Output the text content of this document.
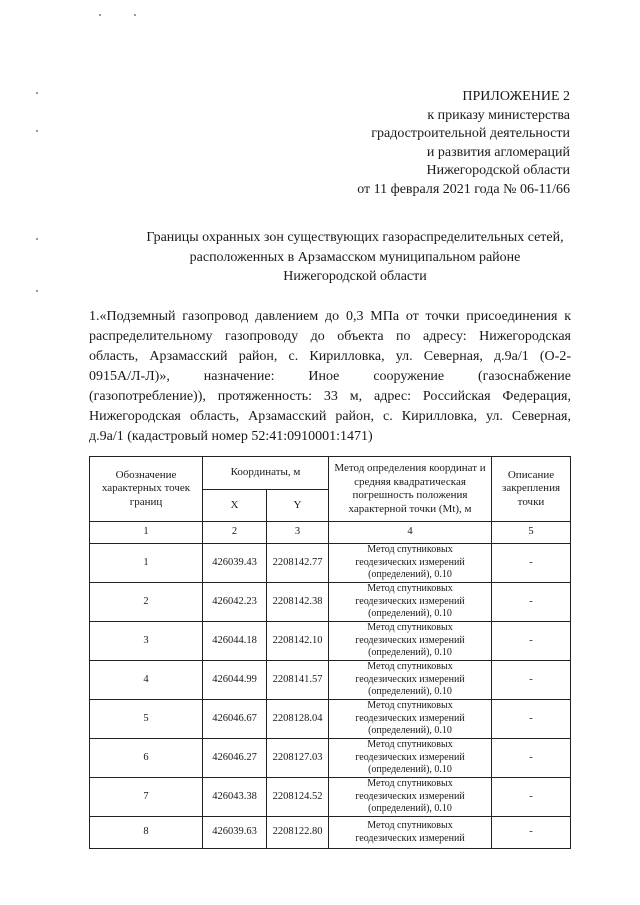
ПРИЛОЖЕНИЕ 2
к приказу министерства
градостроительной деятельности
и развития агломераций
Нижегородской области
от 11 февраля 2021 года № 06-11/66
Границы охранных зон существующих газораспределительных сетей,
расположенных в Арзамасском муниципальном районе
Нижегородской области
1.«Подземный газопровод давлением до 0,3 МПа от точки присоединения к
распределительному газопроводу до объекта по адресу: Нижегородская
область, Арзамасский район, с. Кирилловка, ул. Северная, д.9а/1 (О-2-
0915А/Л-Л)», назначение: Иное сооружение (газоснабжение
(газопотребление)), протяженность: 33 м, адрес: Российская Федерация,
Нижегородская область, Арзамасский район, с. Кирилловка, ул. Северная,
д.9а/1 (кадастровый номер 52:41:0910001:1471)
Обозначение характерных точек границ	Координаты, м		Метод определения координат и средняя квадратическая погрешность положения характерной точки (Mt), м	Описание закрепления точки
	X	Y		
1	2	3	4	5
1	426039.43	2208142.77	Метод спутниковых
геодезических измерений
(определений), 0.10	-
2	426042.23	2208142.38	Метод спутниковых
геодезических измерений
(определений), 0.10	-
3	426044.18	2208142.10	Метод спутниковых
геодезических измерений
(определений), 0.10	-
4	426044.99	2208141.57	Метод спутниковых
геодезических измерений
(определений), 0.10	-
5	426046.67	2208128.04	Метод спутниковых
геодезических измерений
(определений), 0.10	-
6	426046.27	2208127.03	Метод спутниковых
геодезических измерений
(определений), 0.10	-
7	426043.38	2208124.52	Метод спутниковых
геодезических измерений
(определений), 0.10	-
8	426039.63	2208122.80	Метод спутниковых
геодезических измерений	-
